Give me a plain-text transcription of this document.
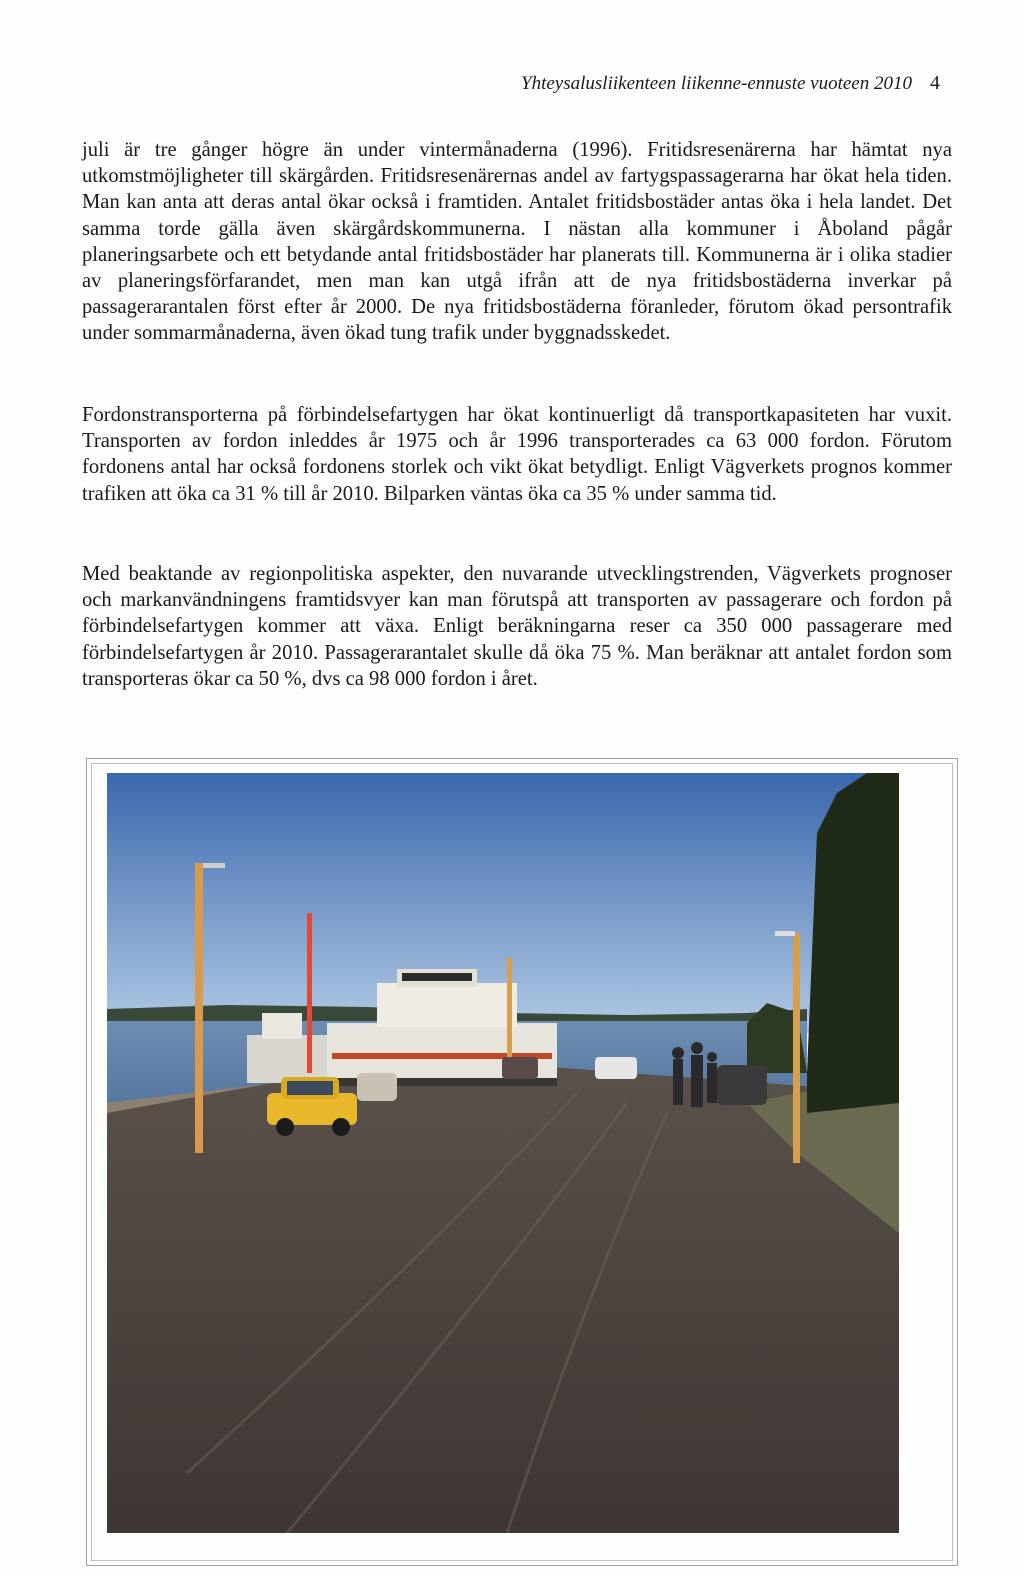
Yhteysalusliikenteen liikenne-ennuste vuoteen 2010 4

juli är tre gånger högre än under vintermånaderna (1996). Fritidsresenärerna har hämtat nya utkomstmöjligheter till skärgården. Fritidsresenärernas andel av fartygspassagerarna har ökat hela tiden. Man kan anta att deras antal ökar också i framtiden. Antalet fritidsbostäder antas öka i hela landet. Det samma torde gälla även skärgårdskommunerna. I nästan alla kommuner i Åboland pågår planeringsarbete och ett betydande antal fritidsbostäder har planerats till. Kommunerna är i olika stadier av planeringsförfarandet, men man kan utgå ifrån att de nya fritidsbostäderna inverkar på passagerarantalen först efter år 2000. De nya fritidsbostäderna föranleder, förutom ökad persontrafik under sommarmånaderna, även ökad tung trafik under byggnadsskedet.

Fordonstransporterna på förbindelsefartygen har ökat kontinuerligt då transportkapasiteten har vuxit. Transporten av fordon inleddes år 1975 och år 1996 transporterades ca 63 000 fordon. Förutom fordonens antal har också fordonens storlek och vikt ökat betydligt. Enligt Vägverkets prognos kommer trafiken att öka ca 31 % till år 2010. Bilparken väntas öka ca 35 % under samma tid.

Med beaktande av regionpolitiska aspekter, den nuvarande utvecklingstrenden, Vägverkets prognoser och markanvändningens framtidsvyer kan man förutspå att transporten av passagerare och fordon på förbindelsefartygen kommer att växa. Enligt beräkningarna reser ca 350 000 passagerare med förbindelsefartygen år 2010. Passagerarantalet skulle då öka 75 %. Man beräknar att antalet fordon som transporteras ökar ca 50 %, dvs ca 98 000 fordon i året.
